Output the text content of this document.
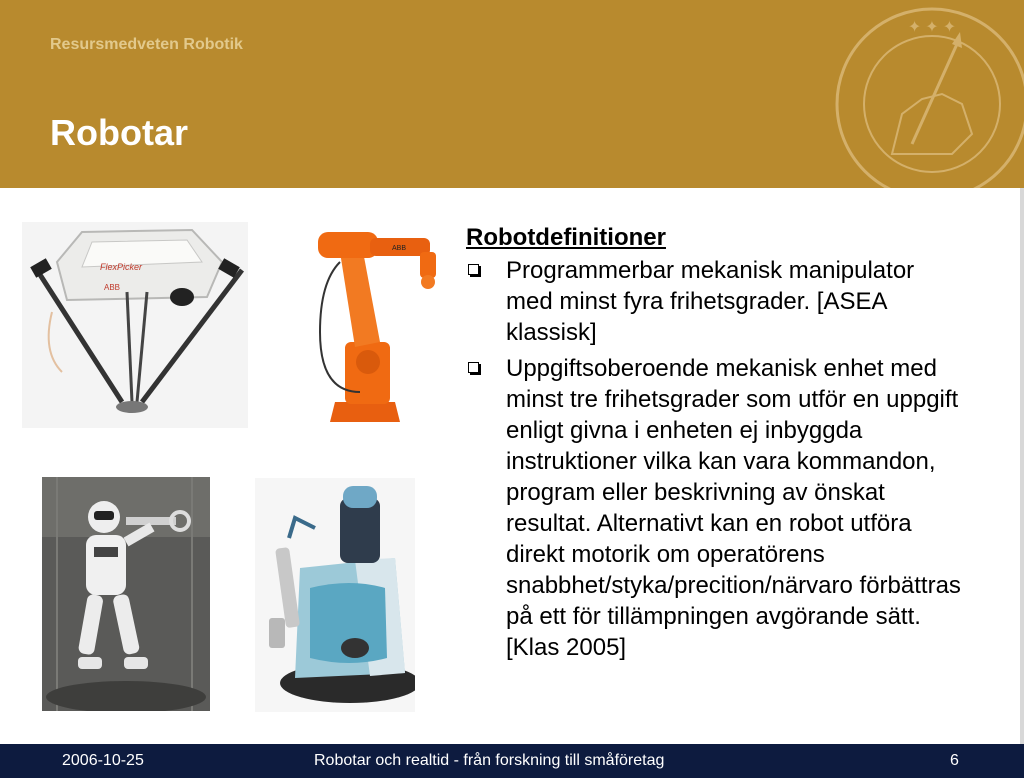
Resursmedveten Robotik
Robotar
✦ ✦ ✦
FlexPicker
ABB
ABB Robotdefinitioner
Programmerbar mekanisk manipulator med minst fyra frihetsgrader. [ASEA klassisk]
Uppgiftsoberoende mekanisk enhet med minst tre frihetsgrader som utför en uppgift enligt givna i enheten ej inbyggda instruktioner vilka kan vara kommandon, program eller beskrivning av önskat resultat. Alternativt kan en robot utföra direkt motorik om operatörens snabbhet/styka/precition/närvaro förbättras på ett för tillämpningen avgörande sätt. [Klas 2005]
2006-10-25	Robotar och realtid - från forskning till småföretag	6
